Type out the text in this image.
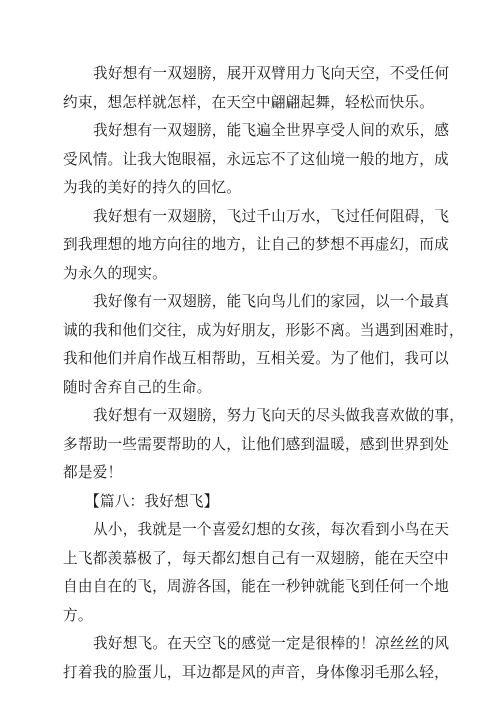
我好想有一双翅膀，展开双臂用力飞向天空，不受任何
约束，想怎样就怎样，在天空中翩翩起舞，轻松而快乐。
我好想有一双翅膀，能飞遍全世界享受人间的欢乐，感
受风情。让我大饱眼福，永远忘不了这仙境一般的地方，成
为我的美好的持久的回忆。
我好想有一双翅膀，飞过千山万水，飞过任何阻碍，飞
到我理想的地方向往的地方，让自己的梦想不再虚幻，而成
为永久的现实。
我好像有一双翅膀，能飞向鸟儿们的家园，以一个最真
诚的我和他们交往，成为好朋友，形影不离。当遇到困难时，
我和他们并肩作战互相帮助，互相关爱。为了他们，我可以
随时舍弃自己的生命。
我好想有一双翅膀，努力飞向天的尽头做我喜欢做的事，
多帮助一些需要帮助的人，让他们感到温暖，感到世界到处
都是爱！
【篇八：我好想飞】
从小，我就是一个喜爱幻想的女孩，每次看到小鸟在天
上飞都羡慕极了，每天都幻想自己有一双翅膀，能在天空中
自由自在的飞，周游各国，能在一秒钟就能飞到任何一个地
方。
我好想飞。在天空飞的感觉一定是很棒的！凉丝丝的风
打着我的脸蛋儿，耳边都是风的声音，身体像羽毛那么轻，
